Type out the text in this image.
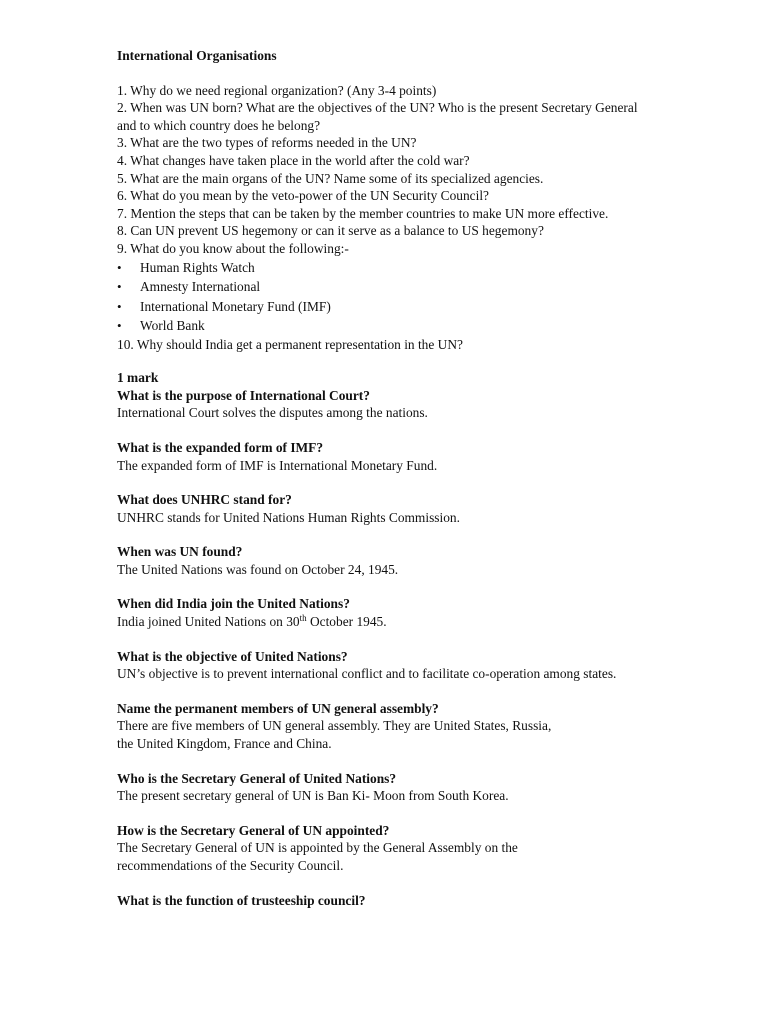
International Organisations

1. Why do we need regional organization? (Any 3-4 points)

2. When was UN born? What are the objectives of the UN? Who is the present Secretary General and to which country does he belong?

3. What are the two types of reforms needed in the UN?

4. What changes have taken place in the world after the cold war?

5. What are the main organs of the UN? Name some of its specialized agencies.

6. What do you mean by the veto-power of the UN Security Council?

7. Mention the steps that can be taken by the member countries to make UN more effective.

8. Can UN prevent US hegemony or can it serve as a balance to US hegemony?

9. What do you know about the following:-

• Human Rights Watch
• Amnesty International
• International Monetary Fund (IMF)
• World Bank

10. Why should India get a permanent representation in the UN?

1 mark

What is the purpose of International Court?

International Court solves the disputes among the nations.

What is the expanded form of IMF?

The expanded form of IMF is International Monetary Fund.

What does UNHRC stand for?

UNHRC stands for United Nations Human Rights Commission.

When was UN found?

The United Nations was found on October 24, 1945.

When did India join the United Nations?

India joined United Nations on 30th October 1945.

What is the objective of United Nations?

UN’s objective is to prevent international conflict and to facilitate co-operation among states.

Name the permanent members of UN general assembly?

There are five members of UN general assembly. They are United States, Russia,

the United Kingdom, France and China.

Who is the Secretary General of United Nations?

The present secretary general of UN is Ban Ki- Moon from South Korea.

How is the Secretary General of UN appointed?

The Secretary General of UN is appointed by the General Assembly on the

recommendations of the Security Council.

What is the function of trusteeship council?
